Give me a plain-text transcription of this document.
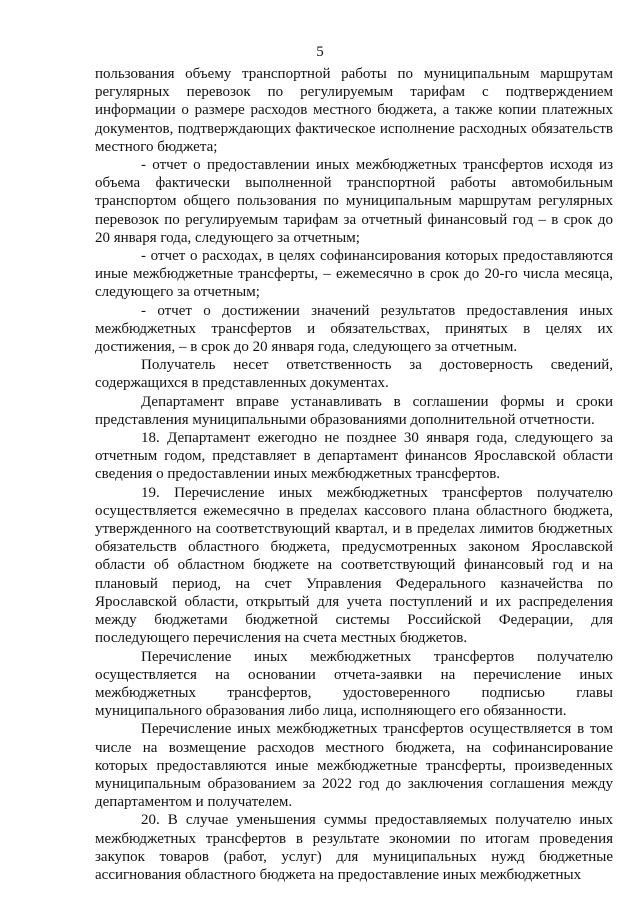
5

пользования объему транспортной работы по муниципальным маршрутам регулярных перевозок по регулируемым тарифам с подтверждением информации о размере расходов местного бюджета, а также копии платежных документов, подтверждающих фактическое исполнение расходных обязательств местного бюджета;

- отчет о предоставлении иных межбюджетных трансфертов исходя из объема фактически выполненной транспортной работы автомобильным транспортом общего пользования по муниципальным маршрутам регулярных перевозок по регулируемым тарифам за отчетный финансовый год – в срок до 20 января года, следующего за отчетным;

- отчет о расходах, в целях софинансирования которых предоставляются иные межбюджетные трансферты, – ежемесячно в срок до 20-го числа месяца, следующего за отчетным;

- отчет о достижении значений результатов предоставления иных межбюджетных трансфертов и обязательствах, принятых в целях их достижения, – в срок до 20 января года, следующего за отчетным.

Получатель несет ответственность за достоверность сведений, содержащихся в представленных документах.

Департамент вправе устанавливать в соглашении формы и сроки представления муниципальными образованиями дополнительной отчетности.

18. Департамент ежегодно не позднее 30 января года, следующего за отчетным годом, представляет в департамент финансов Ярославской области сведения о предоставлении иных межбюджетных трансфертов.

19. Перечисление иных межбюджетных трансфертов получателю осуществляется ежемесячно в пределах кассового плана областного бюджета, утвержденного на соответствующий квартал, и в пределах лимитов бюджетных обязательств областного бюджета, предусмотренных законом Ярославской области об областном бюджете на соответствующий финансовый год и на плановый период, на счет Управления Федерального казначейства по Ярославской области, открытый для учета поступлений и их распределения между бюджетами бюджетной системы Российской Федерации, для последующего перечисления на счета местных бюджетов.

Перечисление иных межбюджетных трансфертов получателю осуществляется на основании отчета-заявки на перечисление иных межбюджетных трансфертов, удостоверенного подписью главы муниципального образования либо лица, исполняющего его обязанности.

Перечисление иных межбюджетных трансфертов осуществляется в том числе на возмещение расходов местного бюджета, на софинансирование которых предоставляются иные межбюджетные трансферты, произведенных муниципальным образованием за 2022 год до заключения соглашения между департаментом и получателем.

20. В случае уменьшения суммы предоставляемых получателю иных межбюджетных трансфертов в результате экономии по итогам проведения закупок товаров (работ, услуг) для муниципальных нужд бюджетные ассигнования областного бюджета на предоставление иных межбюджетных
